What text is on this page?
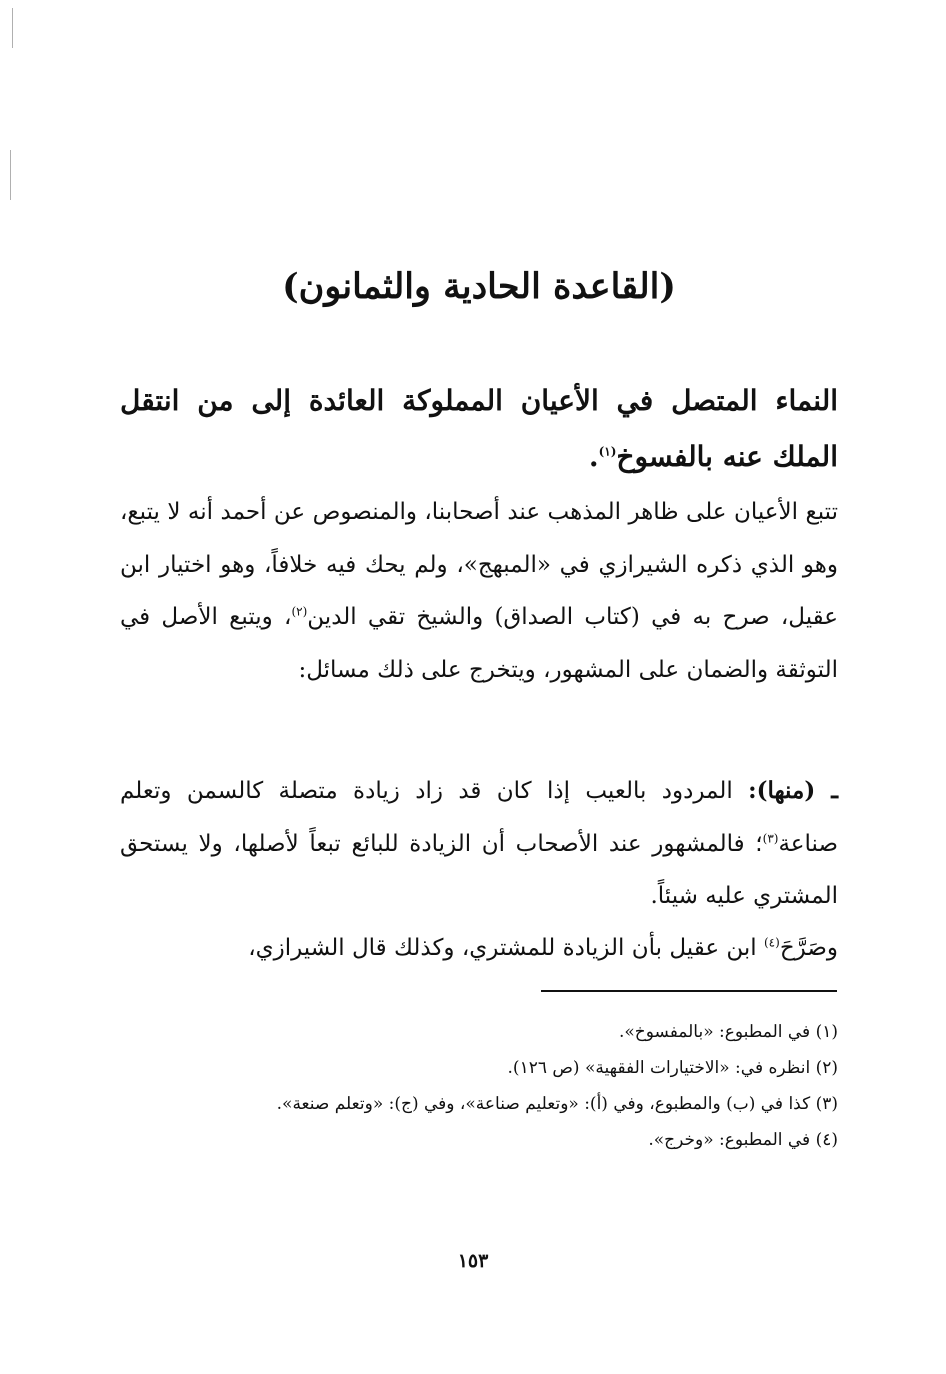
(القاعدة الحادية والثمانون)
النماء المتصل في الأعيان المملوكة العائدة إلى من انتقل الملك عنه بالفسوخ$^{(١)}$.
تتبع الأعيان على ظاهر المذهب عند أصحابنا، والمنصوص عن أحمد أنه لا يتبع، وهو الذي ذكره الشيرازي في «المبهج»، ولم يحك فيه خلافاً، وهو اختيار ابن عقيل، صرح به في (كتاب الصداق) والشيخ تقي الدين$^{(٢)}$، ويتبع الأصل في التوثقة والضمان على المشهور، ويتخرج على ذلك مسائل:
ـ (منها): المردود بالعيب إذا كان قد زاد زيادة متصلة كالسمن وتعلم صناعة$^{(٣)}$؛ فالمشهور عند الأصحاب أن الزيادة للبائع تبعاً لأصلها، ولا يستحق المشتري عليه شيئاً.
وصَرَّحَ$^{(٤)}$ ابن عقيل بأن الزيادة للمشتري، وكذلك قال الشيرازي،

(١) في المطبوع: «بالمفسوخ».

(٢) انظره في: «الاختيارات الفقهية» (ص ١٢٦).

(٣) كذا في (ب) والمطبوع، وفي (أ): «وتعليم صناعة»، وفي (ج): «وتعلم صنعة».

(٤) في المطبوع: «وخرج».

١٥٣
